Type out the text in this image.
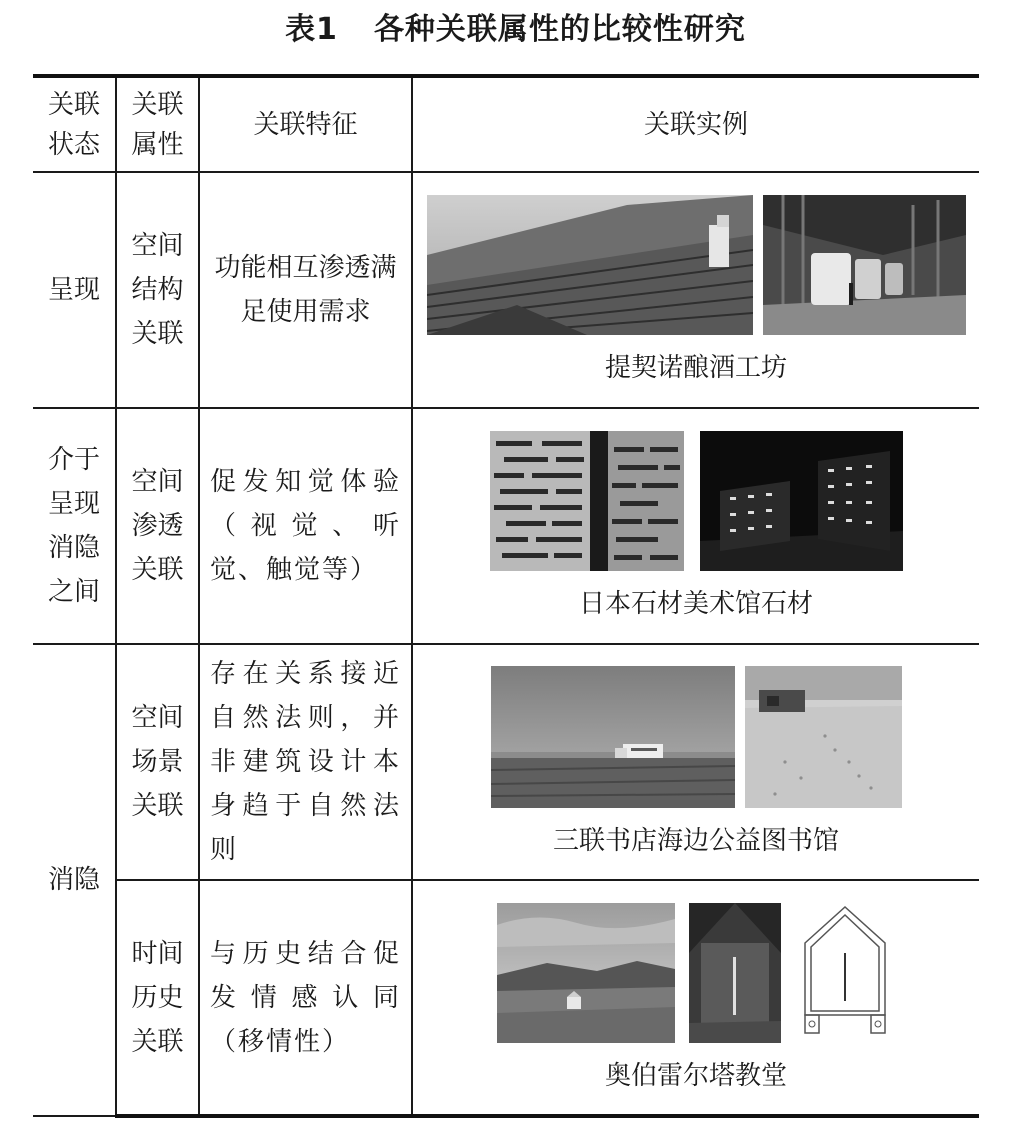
表1 各种关联属性的比较性研究
关联状态	关联属性	关联特征	关联实例
呈现	空间结构关联	功能相互渗透满足使用需求	提契诺酿酒工坊

介于呈现消隐之间	空间渗透关联	促发知觉体验（视觉、听觉、触觉等）	日本石材美术馆石材

消隐	空间场景关联	存在关系接近自然法则，并非建筑设计本身趋于自然法则	三联书店海边公益图书馆

	时间历史关联	与历史结合促发情感认同（移情性）	奥伯雷尔塔教堂
